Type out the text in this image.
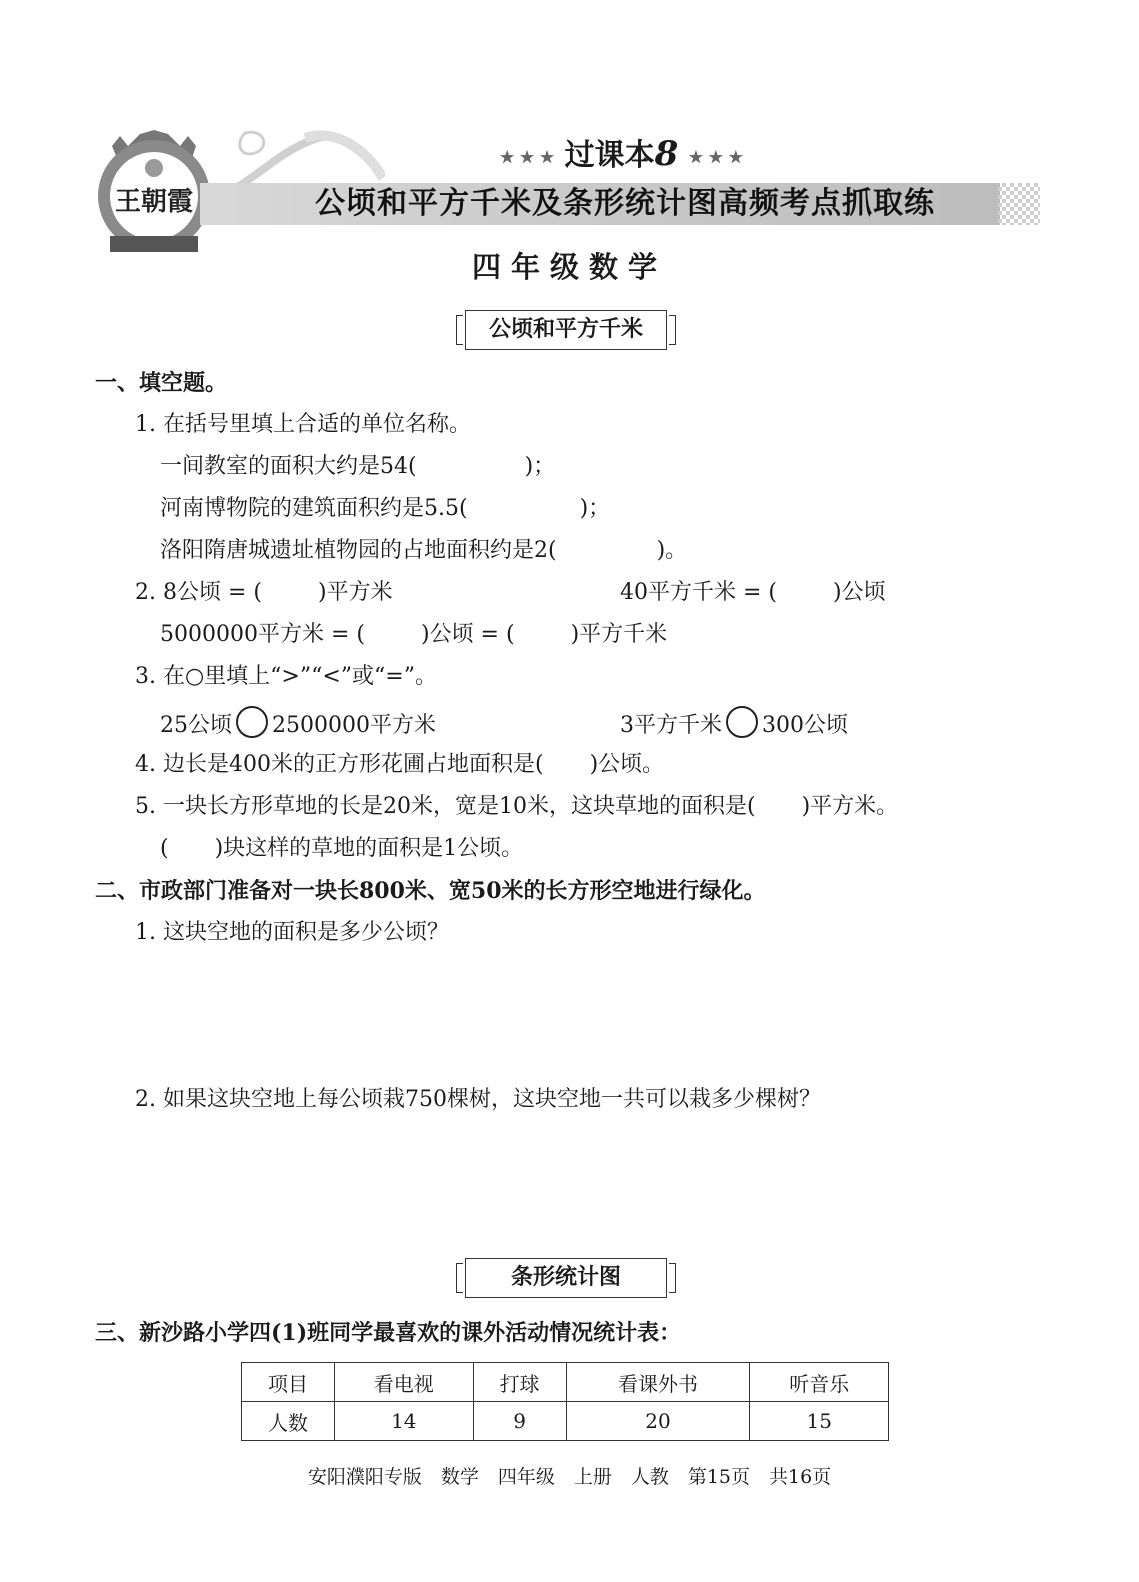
王朝霞
★ ★ ★ 过课本8 ★ ★ ★
公顷和平方千米及条形统计图高频考点抓取练
四年级数学
公顷和平方千米
一、填空题。
1. 在括号里填上合适的单位名称。
一间教室的面积大约是54(	)；
河南博物院的建筑面积约是5.5(	)；
洛阳隋唐城遗址植物园的占地面积约是2(	)。
2. 8公顷 = (	)平方米	40平方千米 = (	)公顷
5000000平方米 = (	)公顷 = (	)平方千米
3. 在○里填上“>”“<”或“=”。
25公顷 2500000平方米	3平方千米 300公顷
4. 边长是400米的正方形花圃占地面积是( )公顷。
5. 一块长方形草地的长是20米，宽是10米，这块草地的面积是( )平方米。
( )块这样的草地的面积是1公顷。
二、市政部门准备对一块长800米、宽50米的长方形空地进行绿化。
1. 这块空地的面积是多少公顷？
2. 如果这块空地上每公顷栽750棵树，这块空地一共可以栽多少棵树？
条形统计图
三、新沙路小学四(1)班同学最喜欢的课外活动情况统计表：
项目	看电视	打球	看课外书	听音乐
人数	14	9	20	15
安阳濮阳专版　数学　四年级　上册　人教　第15页　共16页
